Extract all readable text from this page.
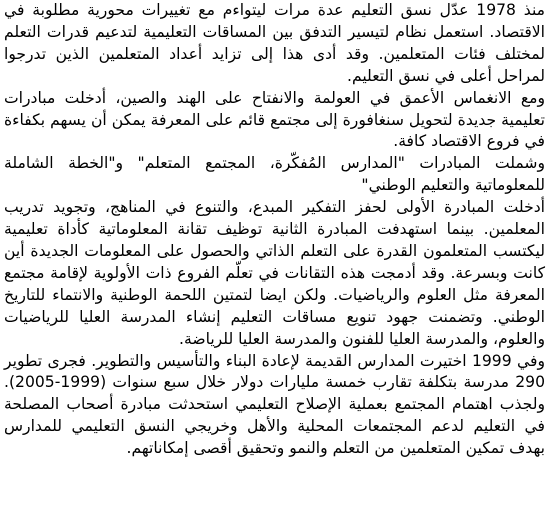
منذ 1978 عدّل نسق التعليم عدة مرات ليتواءم مع تغييرات محورية مطلوبة في الاقتصاد. استعمل نظام لتيسير التدفق بين المساقات التعليمية لتدعيم قدرات التعلم لمختلف فئات المتعلمين. وقد أدى هذا إلى تزايد أعداد المتعلمين الذين تدرجوا لمراحل أعلى في نسق التعليم.

ومع الانغماس الأعمق في العولمة والانفتاح على الهند والصين، أدخلت مبادرات تعليمية جديدة لتحويل سنغافورة إلى مجتمع قائم على المعرفة يمكن أن يسهم بكفاءة في فروع الاقتصاد كافة.

وشملت المبادرات "المدارس المُفكّرة، المجتمع المتعلم" و"الخطة الشاملة للمعلوماتية والتعليم الوطني"

أدخلت المبادرة الأولى لحفز التفكير المبدع، والتنوع في المناهج، وتجويد تدريب المعلمين. بينما استهدفت المبادرة الثانية توظيف تقانة المعلوماتية كأداة تعليمية ليكتسب المتعلمون القدرة على التعلم الذاتي والحصول على المعلومات الجديدة أين كانت وبسرعة. وقد أدمجت هذه التقانات في تعلّم الفروع ذات الأولوية لإقامة مجتمع المعرفة مثل العلوم والرياضيات. ولكن ايضا لتمتين اللحمة الوطنية والانتماء للتاريخ الوطني. وتضمنت جهود تنويع مساقات التعليم إنشاء المدرسة العليا للرياضيات والعلوم، والمدرسة العليا للفنون والمدرسة العليا للرياضة.

وفي 1999 اختيرت المدارس القديمة لإعادة البناء والتأسيس والتطوير. فجرى تطوير 290 مدرسة بتكلفة تقارب خمسة مليارات دولار خلال سبع سنوات (1999-2005). ولجذب اهتمام المجتمع بعملية الإصلاح التعليمي استحدثت مبادرة أصحاب المصلحة في التعليم لدعم المجتمعات المحلية والأهل وخريجي النسق التعليمي للمدارس بهدف تمكين المتعلمين من التعلم والنمو وتحقيق أقصى إمكاناتهم.
